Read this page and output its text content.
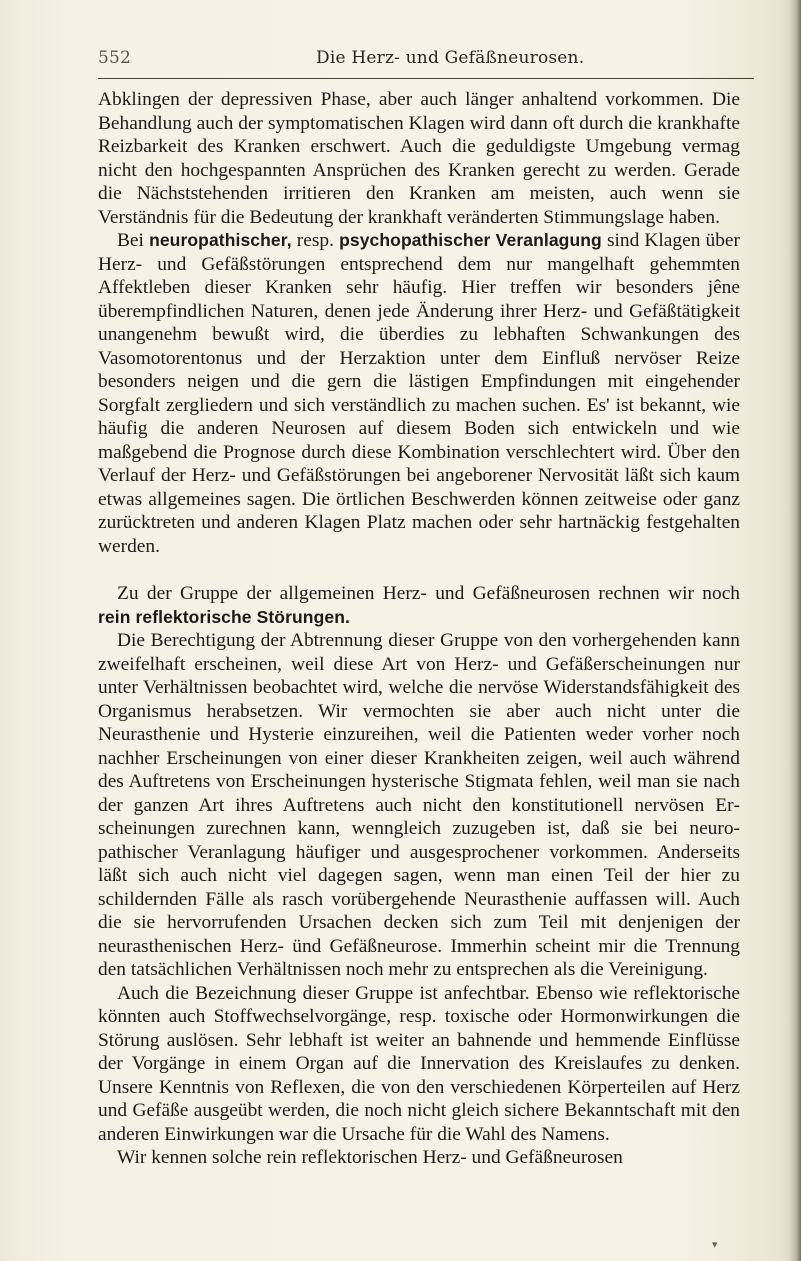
552	Die Herz- und Gefäßneurosen.

Abklingen der depressiven Phase, aber auch länger anhaltend vorkommen. Die Behandlung auch der symptomatischen Klagen wird dann oft durch die krankhafte Reizbarkeit des Kranken erschwert. Auch die geduldigste Umgebung vermag nicht den hochgespannten Ansprüchen des Kranken gerecht zu werden. Gerade die Nächststehenden irritieren den Kranken am meisten, auch wenn sie Verständnis für die Bedeutung der krankhaft veränderten Stimmungslage haben.

Bei neuropathischer, resp. psychopathischer Veranlagung sind Klagen über Herz- und Gefäßstörungen entsprechend dem nur mangelhaft gehemmten Affektleben dieser Kranken sehr häufig. Hier treffen wir besonders jêne überempfindlichen Naturen, denen jede Änderung ihrer Herz- und Gefäßtätigkeit unangenehm bewußt wird, die überdies zu lebhaften Schwankungen des Vasomotorentonus und der Herzaktion unter dem Einfluß nervöser Reize besonders neigen und die gern die lästigen Empfindungen mit eingehender Sorgfalt zergliedern und sich verständlich zu machen suchen. Es' ist bekannt, wie häufig die anderen Neurosen auf diesem Boden sich entwickeln und wie maßgebend die Prognose durch diese Kombination verschlechtert wird. Über den Verlauf der Herz- und Gefäßstörungen bei angeborener Nervosität läßt sich kaum etwas allgemeines sagen. Die örtlichen Beschwerden können zeitweise oder ganz zurücktreten und anderen Klagen Platz machen oder sehr hartnäckig festgehalten werden.

Zu der Gruppe der allgemeinen Herz- und Gefäßneurosen rechnen wir noch rein reflektorische Störungen.

Die Berechtigung der Abtrennung dieser Gruppe von den vorhergehenden kann zweifelhaft erscheinen, weil diese Art von Herz- und Gefäßerscheinungen nur unter Verhältnissen beobachtet wird, welche die nervöse Widerstandsfähigkeit des Organismus herabsetzen. Wir vermochten sie aber auch nicht unter die Neurasthenie und Hysterie einzureihen, weil die Patienten weder vorher noch nachher Erscheinungen von einer dieser Krankheiten zeigen, weil auch während des Auftretens von Erscheinungen hysterische Stigmata fehlen, weil man sie nach der ganzen Art ihres Auftretens auch nicht den konstitutionell nervösen Erscheinungen zurechnen kann, wenngleich zuzugeben ist, daß sie bei neuropathischer Veranlagung häufiger und ausgesprochener vorkommen. Anderseits läßt sich auch nicht viel dagegen sagen, wenn man einen Teil der hier zu schildernden Fälle als rasch vorübergehende Neurasthenie auffassen will. Auch die sie hervorrufenden Ursachen decken sich zum Teil mit denjenigen der neurasthenischen Herz- ünd Gefäßneurose. Immerhin scheint mir die Trennung den tatsächlichen Verhältnissen noch mehr zu entsprechen als die Vereinigung.

Auch die Bezeichnung dieser Gruppe ist anfechtbar. Ebenso wie reflektorische könnten auch Stoffwechselvorgänge, resp. toxische oder Hormonwirkungen die Störung auslösen. Sehr lebhaft ist weiter an bahnende und hemmende Einflüsse der Vorgänge in einem Organ auf die Innervation des Kreislaufes zu denken. Unsere Kenntnis von Reflexen, die von den verschiedenen Körperteilen auf Herz und Gefäße ausgeübt werden, die noch nicht gleich sichere Bekanntschaft mit den anderen Einwirkungen war die Ursache für die Wahl des Namens.

Wir kennen solche rein reflektorischen Herz- und Gefäßneurosen

▾
